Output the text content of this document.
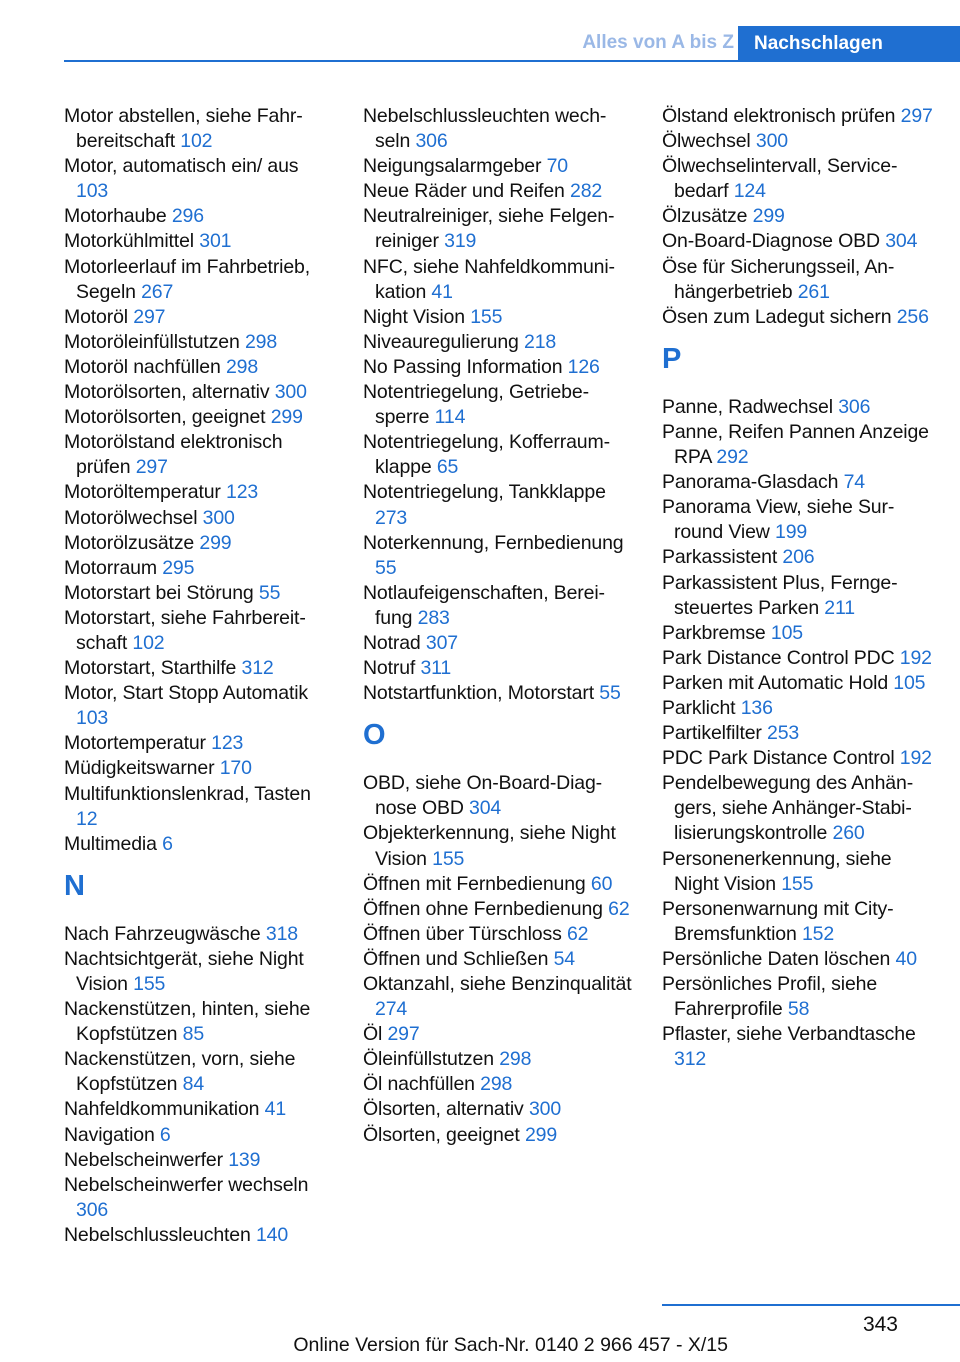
Alles von A bis Z	Nachschlagen
Motor abstellen, siehe Fahrbereitschaft 102
Motor, automatisch ein/ aus 103
Motorhaube 296
Motorkühlmittel 301
Motorleerlauf im Fahrbetrieb, Segeln 267
Motoröl 297
Motoröleinfüllstutzen 298
Motoröl nachfüllen 298
Motorölsorten, alternativ 300
Motorölsorten, geeignet 299
Motorölstand elektronisch prüfen 297
Motoröltemperatur 123
Motorölwechsel 300
Motorölzusätze 299
Motorraum 295
Motorstart bei Störung 55
Motorstart, siehe Fahrbereitschaft 102
Motorstart, Starthilfe 312
Motor, Start Stopp Automatik 103
Motortemperatur 123
Müdigkeitswarner 170
Multifunktionslenkrad, Tasten 12
Multimedia 6
N
Nach Fahrzeugwäsche 318
Nachtsichtgerät, siehe Night Vision 155
Nackenstützen, hinten, siehe Kopfstützen 85
Nackenstützen, vorn, siehe Kopfstützen 84
Nahfeldkommunikation 41
Navigation 6
Nebelscheinwerfer 139
Nebelscheinwerfer wechseln 306
Nebelschlussleuchten 140
Nebelschlussleuchten wechseln 306
Neigungsalarmgeber 70
Neue Räder und Reifen 282
Neutralreiniger, siehe Felgenreiniger 319
NFC, siehe Nahfeldkommunikation 41
Night Vision 155
Niveauregulierung 218
No Passing Information 126
Notentriegelung, Getriebesperre 114
Notentriegelung, Kofferraumklappe 65
Notentriegelung, Tankklappe 273
Noterkennung, Fernbedienung 55
Notlaufeigenschaften, Bereifung 283
Notrad 307
Notruf 311
Notstartfunktion, Motorstart 55
O
OBD, siehe On-Board-Diagnose OBD 304
Objekterkennung, siehe Night Vision 155
Öffnen mit Fernbedienung 60
Öffnen ohne Fernbedienung 62
Öffnen über Türschloss 62
Öffnen und Schließen 54
Oktanzahl, siehe Benzinqualität 274
Öl 297
Öleinfüllstutzen 298
Öl nachfüllen 298
Ölsorten, alternativ 300
Ölsorten, geeignet 299
Ölstand elektronisch prüfen 297
Ölwechsel 300
Ölwechselintervall, Servicebedarf 124
Ölzusätze 299
On-Board-Diagnose OBD 304
Öse für Sicherungsseil, Anhängerbetrieb 261
Ösen zum Ladegut sichern 256
P
Panne, Radwechsel 306
Panne, Reifen Pannen Anzeige RPA 292
Panorama-Glasdach 74
Panorama View, siehe Surround View 199
Parkassistent 206
Parkassistent Plus, Ferngesteuertes Parken 211
Parkbremse 105
Park Distance Control PDC 192
Parken mit Automatic Hold 105
Parklicht 136
Partikelfilter 253
PDC Park Distance Control 192
Pendelbewegung des Anhängers, siehe Anhänger-Stabilisierungskontrolle 260
Personenerkennung, siehe Night Vision 155
Personenwarnung mit City-Bremsfunktion 152
Persönliche Daten löschen 40
Persönliches Profil, siehe Fahrerprofile 58
Pflaster, siehe Verbandtasche 312
343
Online Version für Sach-Nr. 0140 2 966 457 - X/15
